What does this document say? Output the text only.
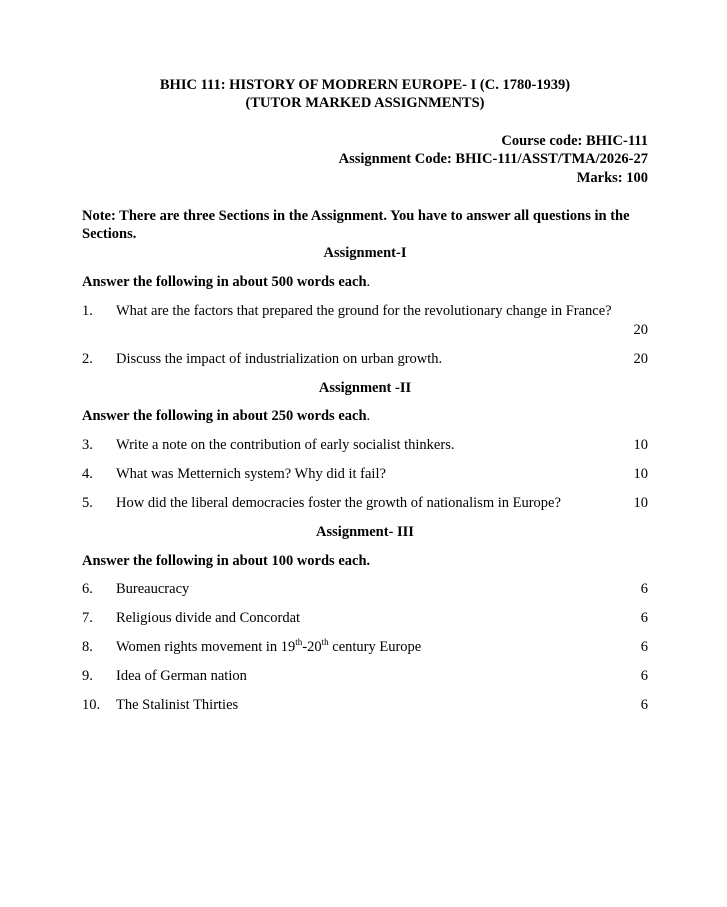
BHIC 111: HISTORY OF MODRERN EUROPE- I (C. 1780-1939)
(TUTOR MARKED ASSIGNMENTS)
Course code: BHIC-111
Assignment Code: BHIC-111/ASST/TMA/2026-27
Marks: 100
Note: There are three Sections in the Assignment. You have to answer all questions in the Sections.
Assignment-I
Answer the following in about 500 words each.
1. What are the factors that prepared the ground for the revolutionary change in France?
20
2. Discuss the impact of industrialization on urban growth.	20
Assignment -II
Answer the following in about 250 words each.
3. Write a note on the contribution of early socialist thinkers.	10
4. What was Metternich system? Why did it fail?	10
5. How did the liberal democracies foster the growth of nationalism in Europe?	10
Assignment- III
Answer the following in about 100 words each.
6. Bureaucracy	6
7. Religious divide and Concordat	6
8. Women rights movement in 19th-20th century Europe	6
9. Idea of German nation	6
10. The Stalinist Thirties	6
